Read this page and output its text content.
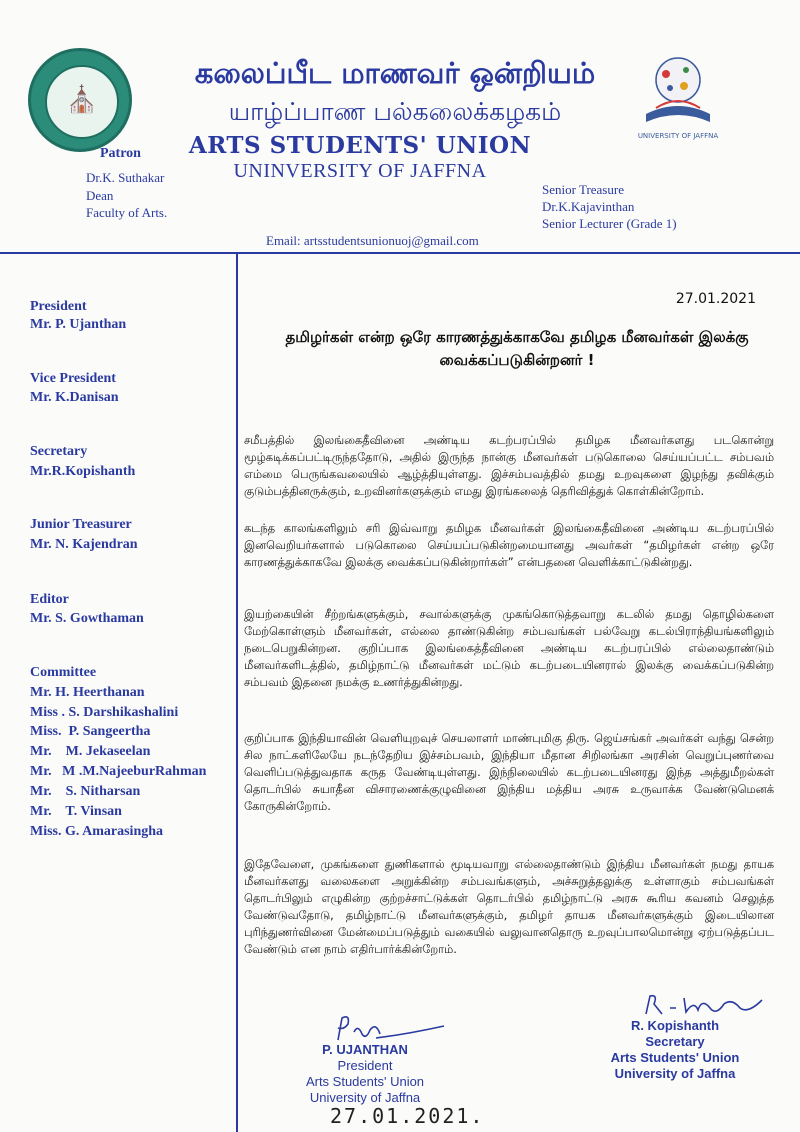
⛪
UNIVERSITY OF JAFFNA
கலைப்பீட மாணவர் ஒன்றியம்
யாழ்ப்பாண பல்கலைக்கழகம்
ARTS STUDENTS' UNION
UNINVERSITY OF JAFFNA
Patron
Dr.K. Suthakar
Dean
Faculty of Arts.
Senior Treasure
Dr.K.Kajavinthan
Senior Lecturer (Grade 1)
Email: artsstudentsunionuoj@gmail.com
President
Mr. P. Ujanthan
Vice President
Mr. K.Danisan
Secretary
Mr.R.Kopishanth
Junior Treasurer
Mr. N. Kajendran
Editor
Mr. S. Gowthaman
Committee
Mr. H. Heerthanan
Miss . S. Darshikashalini
Miss.  P. Sangeertha
Mr.    M. Jekaseelan
Mr.   M .M.NajeeburRahman
Mr.    S. Nitharsan
Mr.    T. Vinsan
Miss. G. Amarasingha
27.01.2021
தமிழர்கள் என்ற ஒரே காரணத்துக்காகவே தமிழக மீனவர்கள் இலக்கு வைக்கப்படுகின்றனர் !
சமீபத்தில் இலங்கைதீவினை அண்டிய கடற்பரப்பில் தமிழக மீனவர்களது படகொன்று மூழ்கடிக்கப்பட்டிருந்ததோடு, அதில் இருந்த நான்கு மீனவர்கள் படுகொலை செய்யப்பட்ட சம்பவம் எம்மை பெருங்கவலையில் ஆழ்த்தியுள்ளது. இச்சம்பவத்தில் தமது உறவுகளை இழந்து தவிக்கும் குடும்பத்தினருக்கும், உறவினர்களுக்கும் எமது இரங்கலைத் தெரிவித்துக் கொள்கின்றோம்.
கடந்த காலங்களிலும் சரி இவ்வாறு தமிழக மீனவர்கள் இலங்கைதீவினை அண்டிய கடற்பரப்பில் இனவெறியர்களால் படுகொலை செய்யப்படுகின்றமையானது அவர்கள் “தமிழர்கள் என்ற ஒரே காரணத்துக்காகவே இலக்கு வைக்கப்படுகின்றார்கள்” என்பதனை வெளிக்காட்டுகின்றது.
இயற்கையின் சீற்றங்களுக்கும், சவால்களுக்கு முகங்கொடுத்தவாறு கடலில் தமது தொழில்களை மேற்கொள்ளும் மீனவர்கள், எல்லை தாண்டுகின்ற சம்பவங்கள் பல்வேறு கடல்பிராந்தியங்களிலும் நடைபெறுகின்றன. குறிப்பாக இலங்கைத்தீவினை அண்டிய கடற்பரப்பில் எல்லைதாண்டும் மீனவர்களிடத்தில், தமிழ்நாட்டு மீனவர்கள் மட்டும் கடற்படையினரால் இலக்கு வைக்கப்படுகின்ற சம்பவம் இதனை நமக்கு உணர்த்துகின்றது.
குறிப்பாக இந்தியாவின் வெளியுறவுச் செயலாளர் மாண்புமிகு திரு. ஜெய்சங்கர் அவர்கள் வந்து சென்ற சில நாட்களிலேயே நடந்தேறிய இச்சம்பவம், இந்தியா மீதான சிறிலங்கா அரசின் வெறுப்புணர்வை வெளிப்படுத்துவதாக கருத வேண்டியுள்ளது. இந்நிலையில் கடற்படையினரது இந்த அத்துமீறல்கள் தொடர்பில் சுயாதீன விசாரணைக்குழுவினை இந்திய மத்திய அரசு உருவாக்க வேண்டுமெனக் கோருகின்றோம்.
இதேவேளை, முகங்களை துணிகளால் மூடியவாறு எல்லைதாண்டும் இந்திய மீனவர்கள் நமது தாயக மீனவர்களது வலைகளை அறுக்கின்ற சம்பவங்களும், அச்சுறுத்தலுக்கு உள்ளாகும் சம்பவங்கள் தொடர்பிலும் எழுகின்ற குற்றச்சாட்டுக்கள் தொடர்பில் தமிழ்நாட்டு அரசு கூரிய கவனம் செலுத்த வேண்டுவதோடு, தமிழ்நாட்டு மீனவர்களுக்கும், தமிழர் தாயக மீனவர்களுக்கும் இடையிலான புரிந்துணர்வினை மேன்மைப்படுத்தும் வகையில் வலுவானதொரு உறவுப்பாலமொன்று ஏற்படுத்தப்பட வேண்டும் என நாம் எதிர்பார்க்கின்றோம்.
P. UJANTHAN
President
Arts Students' Union
University of Jaffna
27.01.2021.
R. Kopishanth
Secretary
Arts Students' Union
University of Jaffna
